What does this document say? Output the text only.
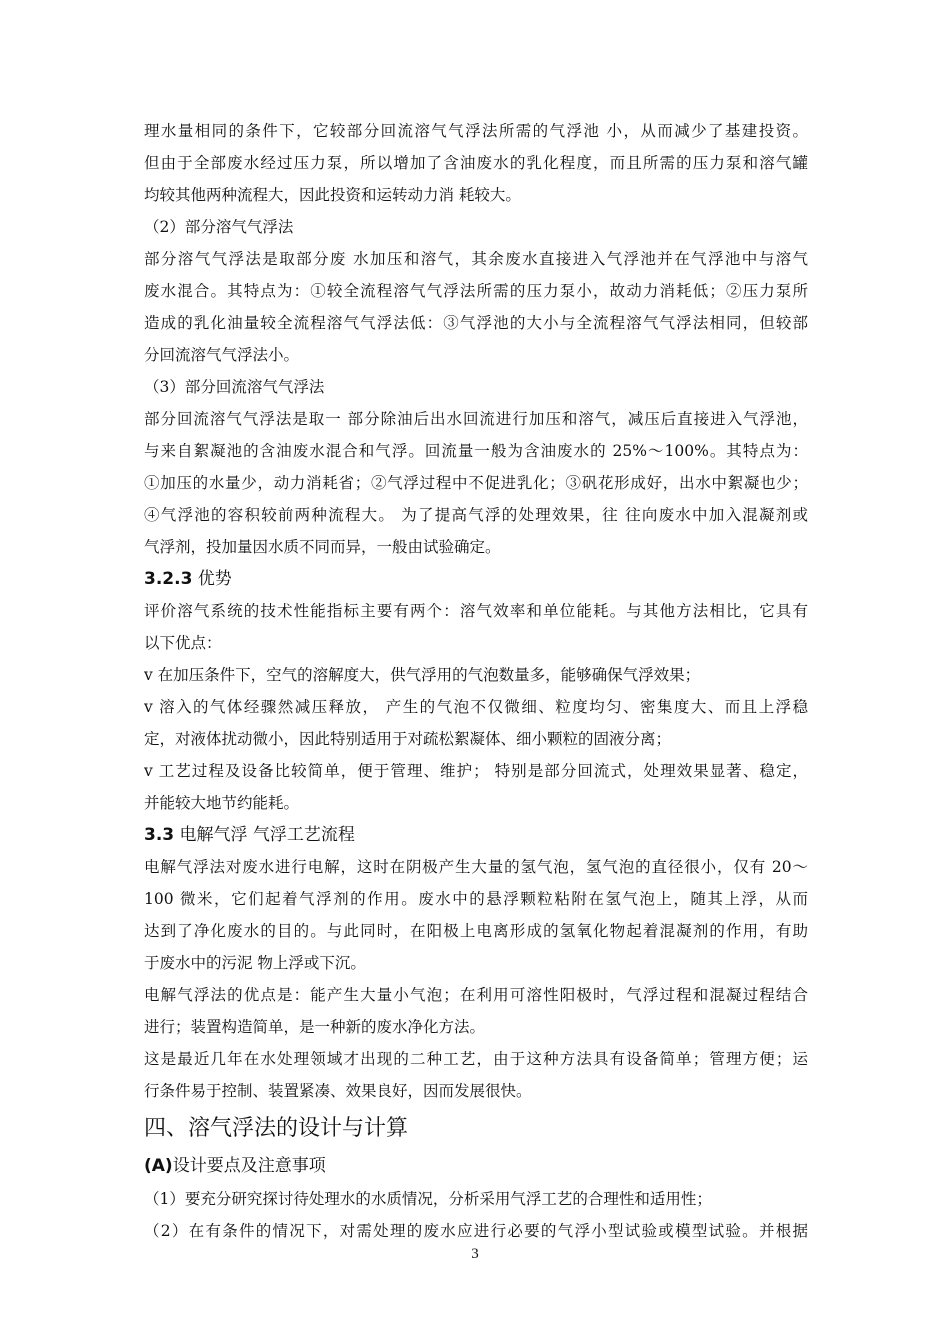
理水量相同的条件下，它较部分回流溶气气浮法所需的气浮池 小，从而减少了基建投资。
但由于全部废水经过压力泵，所以增加了含油废水的乳化程度，而且所需的压力泵和溶气罐
均较其他两种流程大，因此投资和运转动力消 耗较大。
（2）部分溶气气浮法
部分溶气气浮法是取部分废 水加压和溶气，其余废水直接进入气浮池并在气浮池中与溶气
废水混合。其特点为：①较全流程溶气气浮法所需的压力泵小，故动力消耗低；②压力泵所
造成的乳化油量较全流程溶气气浮法低：③气浮池的大小与全流程溶气气浮法相同，但较部
分回流溶气气浮法小。
（3）部分回流溶气气浮法
部分回流溶气气浮法是取一 部分除油后出水回流进行加压和溶气，减压后直接进入气浮池，
与来自絮凝池的含油废水混合和气浮。回流量一般为含油废水的 25%～100%。其特点为：
①加压的水量少，动力消耗省；②气浮过程中不促进乳化；③矾花形成好，出水中絮凝也少；
④气浮池的容积较前两种流程大。 为了提高气浮的处理效果，往 往向废水中加入混凝剂或
气浮剂，投加量因水质不同而异，一般由试验确定。
3.2.3 优势
评价溶气系统的技术性能指标主要有两个：溶气效率和单位能耗。与其他方法相比，它具有
以下优点：
v 在加压条件下，空气的溶解度大，供气浮用的气泡数量多，能够确保气浮效果；
v 溶入的气体经骤然减压释放， 产生的气泡不仅微细、粒度均匀、密集度大、而且上浮稳
定，对液体扰动微小，因此特别适用于对疏松絮凝体、细小颗粒的固液分离；
v 工艺过程及设备比较简单，便于管理、维护； 特别是部分回流式，处理效果显著、稳定，
并能较大地节约能耗。
3.3 电解气浮 气浮工艺流程
电解气浮法对废水进行电解，这时在阴极产生大量的氢气泡，氢气泡的直径很小，仅有 20～
100 微米，它们起着气浮剂的作用。废水中的悬浮颗粒粘附在氢气泡上，随其上浮，从而
达到了净化废水的目的。与此同时，在阳极上电离形成的氢氧化物起着混凝剂的作用，有助
于废水中的污泥 物上浮或下沉。
电解气浮法的优点是：能产生大量小气泡；在利用可溶性阳极时，气浮过程和混凝过程结合
进行；装置构造简单，是一种新的废水净化方法。
这是最近几年在水处理领域才出现的二种工艺，由于这种方法具有设备简单；管理方便；运
行条件易于控制、装置紧凑、效果良好，因而发展很快。
四、溶气浮法的设计与计算
(A)设计要点及注意事项
（1）要充分研究探讨待处理水的水质情况，分析采用气浮工艺的合理性和适用性；
（2）在有条件的情况下，对需处理的废水应进行必要的气浮小型试验或模型试验。并根据
3
